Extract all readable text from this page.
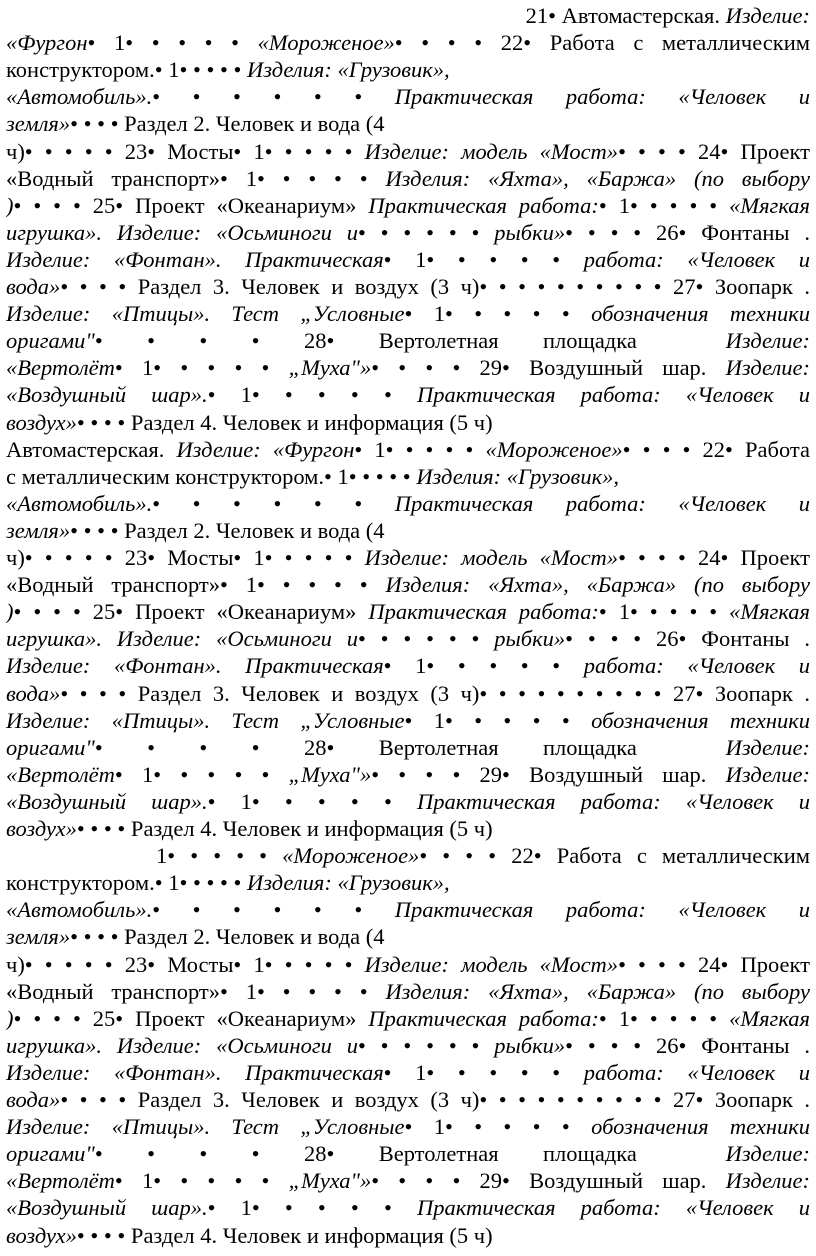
21• Автомастерская. Изделие:
«Фургон• 1• • • • • «Мороженое»• • • • 22• Работа с металлическим
конструктором.• 1• • • • • Изделия: «Грузовик»,
«Автомобиль».• • • • • • Практическая работа: «Человек и
земля»• • • • Раздел 2. Человек и вода (4
ч)• • • • • 23• Мосты• 1• • • • • Изделие: модель «Мост»• • • • 24• Проект
«Водный транспорт»• 1• • • • • Изделия: «Яхта», «Баржа» (по выбору
)• • • • 25• Проект «Океанариум» Практическая работа:• 1• • • • • «Мягкая
игрушка». Изделие: «Осьминоги и• • • • • • рыбки»• • • • 26• Фонтаны .
Изделие: «Фонтан». Практическая• 1• • • • • работа: «Человек и
вода»• • • • Раздел 3. Человек и воздух (3 ч)• • • • • • • • • • 27• Зоопарк .
Изделие: «Птицы». Тест „Условные• 1• • • • • обозначения техники
оригами"• • • • 28• Вертолетная площадка  Изделие:
«Вертолёт• 1• • • • • „Муха"»• • • • 29• Воздушный шар. Изделие:
«Воздушный шар».• 1• • • • • Практическая работа: «Человек и
воздух»• • • • Раздел 4. Человек и информация (5 ч)
Автомастерская. Изделие: «Фургон• 1• • • • • «Мороженое»• • • • 22• Работа
с металлическим конструктором.• 1• • • • • Изделия: «Грузовик»,
«Автомобиль».• • • • • • Практическая работа: «Человек и
земля»• • • • Раздел 2. Человек и вода (4
ч)• • • • • 23• Мосты• 1• • • • • Изделие: модель «Мост»• • • • 24• Проект
«Водный транспорт»• 1• • • • • Изделия: «Яхта», «Баржа» (по выбору
)• • • • 25• Проект «Океанариум» Практическая работа:• 1• • • • • «Мягкая
игрушка». Изделие: «Осьминоги и• • • • • • рыбки»• • • • 26• Фонтаны .
Изделие: «Фонтан». Практическая• 1• • • • • работа: «Человек и
вода»• • • • Раздел 3. Человек и воздух (3 ч)• • • • • • • • • • 27• Зоопарк .
Изделие: «Птицы». Тест „Условные• 1• • • • • обозначения техники
оригами"• • • • 28• Вертолетная площадка  Изделие:
«Вертолёт• 1• • • • • „Муха"»• • • • 29• Воздушный шар. Изделие:
«Воздушный шар».• 1• • • • • Практическая работа: «Человек и
воздух»• • • • Раздел 4. Человек и информация (5 ч)
1• • • • • «Мороженое»• • • • 22• Работа с металлическим
конструктором.• 1• • • • • Изделия: «Грузовик»,
«Автомобиль».• • • • • • Практическая работа: «Человек и
земля»• • • • Раздел 2. Человек и вода (4
ч)• • • • • 23• Мосты• 1• • • • • Изделие: модель «Мост»• • • • 24• Проект
«Водный транспорт»• 1• • • • • Изделия: «Яхта», «Баржа» (по выбору
)• • • • 25• Проект «Океанариум» Практическая работа:• 1• • • • • «Мягкая
игрушка». Изделие: «Осьминоги и• • • • • • рыбки»• • • • 26• Фонтаны .
Изделие: «Фонтан». Практическая• 1• • • • • работа: «Человек и
вода»• • • • Раздел 3. Человек и воздух (3 ч)• • • • • • • • • • 27• Зоопарк .
Изделие: «Птицы». Тест „Условные• 1• • • • • обозначения техники
оригами"• • • • 28• Вертолетная площадка  Изделие:
«Вертолёт• 1• • • • • „Муха"»• • • • 29• Воздушный шар. Изделие:
«Воздушный шар».• 1• • • • • Практическая работа: «Человек и
воздух»• • • • Раздел 4. Человек и информация (5 ч)
